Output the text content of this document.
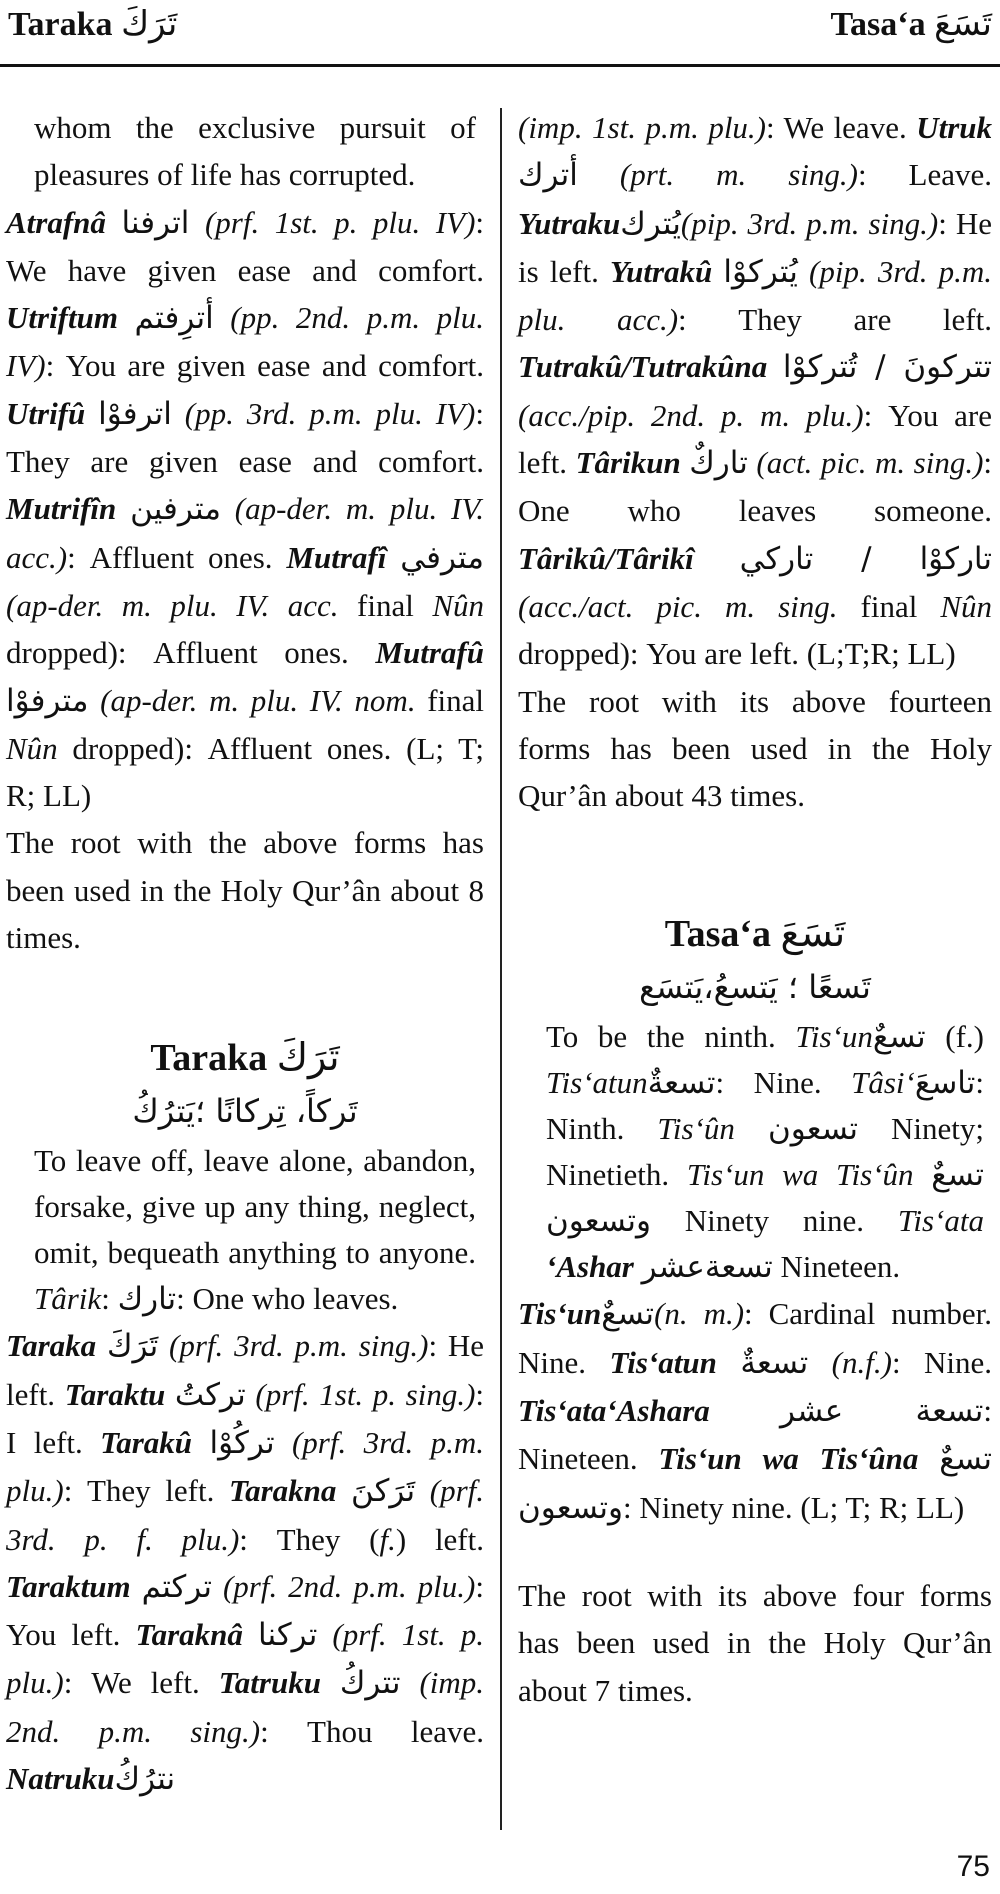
Taraka تَرَكَ	Tasa‘a تَسَعَ

whom the exclusive pursuit of pleasures of life has corrupted.

Atrafnâ اترفنا (prf. 1st. p. plu. IV): We have given ease and comfort. Utriftum أترِفتم (pp. 2nd. p.m. plu. IV): You are given ease and comfort. Utrifû اترفوْا (pp. 3rd. p.m. plu. IV): They are given ease and comfort. Mutrifîn مترفين (ap-der. m. plu. IV. acc.): Affluent ones. Mutrafî مترفي (ap-der. m. plu. IV. acc. final Nûn dropped): Affluent ones. Mutrafû مترفوْا (ap-der. m. plu. IV. nom. final Nûn dropped): Affluent ones. (L; T; R; LL)

The root with the above forms has been used in the Holy Qur’ân about 8 times.

Taraka تَرَكَ
تَركاً، تِركانًا ؛يَترُكُ

To leave off, leave alone, abandon, forsake, give up any thing, neglect, omit, bequeath anything to anyone. Târik: تارك: One who leaves.

Taraka تَرَكَ (prf. 3rd. p.m. sing.): He left. Taraktu تركتُ (prf. 1st. p. sing.): I left. Tarakû تركُوْا (prf. 3rd. p.m. plu.): They left. Tarakna تَرَكنَ (prf. 3rd. p. f. plu.): They (f.) left. Taraktum تركتم (prf. 2nd. p.m. plu.): You left. Taraknâ تركنا (prf. 1st. p. plu.): We left. Tatruku تتركُ (imp. 2nd. p.m. sing.): Thou leave. Natrukuنترُكُ

(imp. 1st. p.m. plu.): We leave. Utruk أترك (prt. m. sing.): Leave. Yutrakuيُترك(pip. 3rd. p.m. sing.): He is left. Yutrakû يُتركوْا (pip. 3rd. p.m. plu. acc.): They are left. Tutrakû/Tutrakûna تتركونَ / تُتركوْا (acc./pip. 2nd. p. m. plu.): You are left. Târikun تاركٌ (act. pic. m. sing.): One who leaves someone. Târikû/Târikî تاركوْا / تاركي (acc./act. pic. m. sing. final Nûn dropped): You are left. (L;T;R; LL)

The root with its above fourteen forms has been used in the Holy Qur’ân about 43 times.

Tasa‘a تَسَعَ
تَسعًا ؛ يَتسعُ،يَتسَع

To be the ninth. Tis‘unتسعٌ (f.) Tis‘atunتسعةٌ: Nine. Tâsi‘تاسعَ: Ninth. Tis‘ûn تسعون Ninety; Ninetieth. Tis‘un wa Tis‘ûn تسعٌ وتسعون Ninety nine. Tis‘ata ‘Ashar تسعةعشر Nineteen.

Tis‘unتسعٌ(n. m.): Cardinal number. Nine. Tis‘atun تسعةٌ (n.f.): Nine. Tis‘ata‘Ashara تسعة عشر: Nineteen. Tis‘un wa Tis‘ûna تسعٌ وتسعون: Ninety nine. (L; T; R; LL)

The root with its above four forms has been used in the Holy Qur’ân about 7 times.

75
